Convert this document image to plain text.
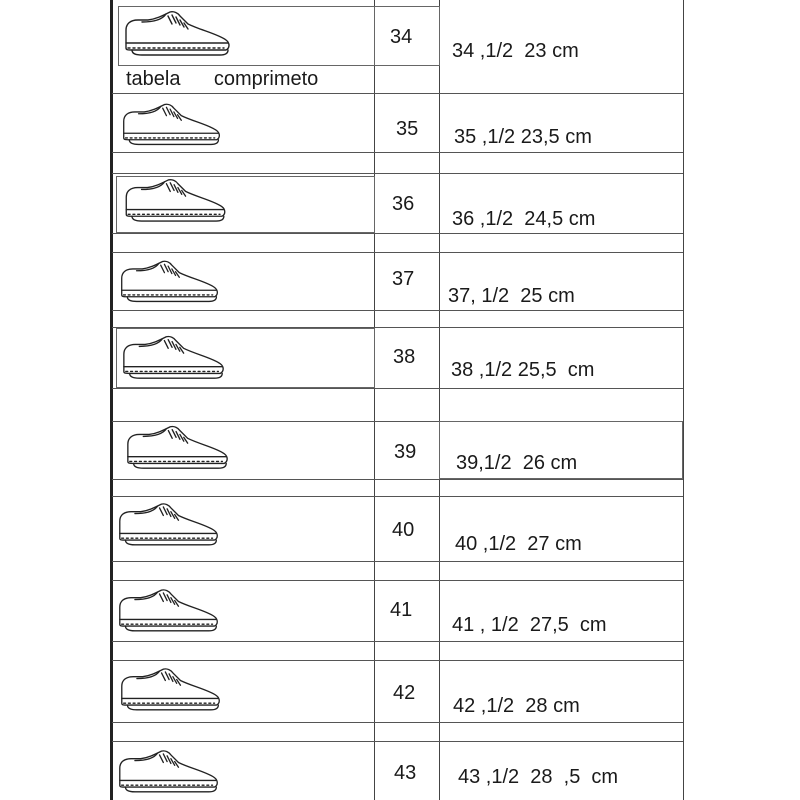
tabela      comprimeto
34
35
36
37
38
39
40
41
42
43
34 ,1/2  23 cm
35 ,1/2 23,5 cm
36 ,1/2  24,5 cm
37, 1/2  25 cm
38 ,1/2 25,5  cm
39,1/2  26 cm
40 ,1/2  27 cm
41 , 1/2  27,5  cm
42 ,1/2  28 cm
43 ,1/2  28  ,5  cm
